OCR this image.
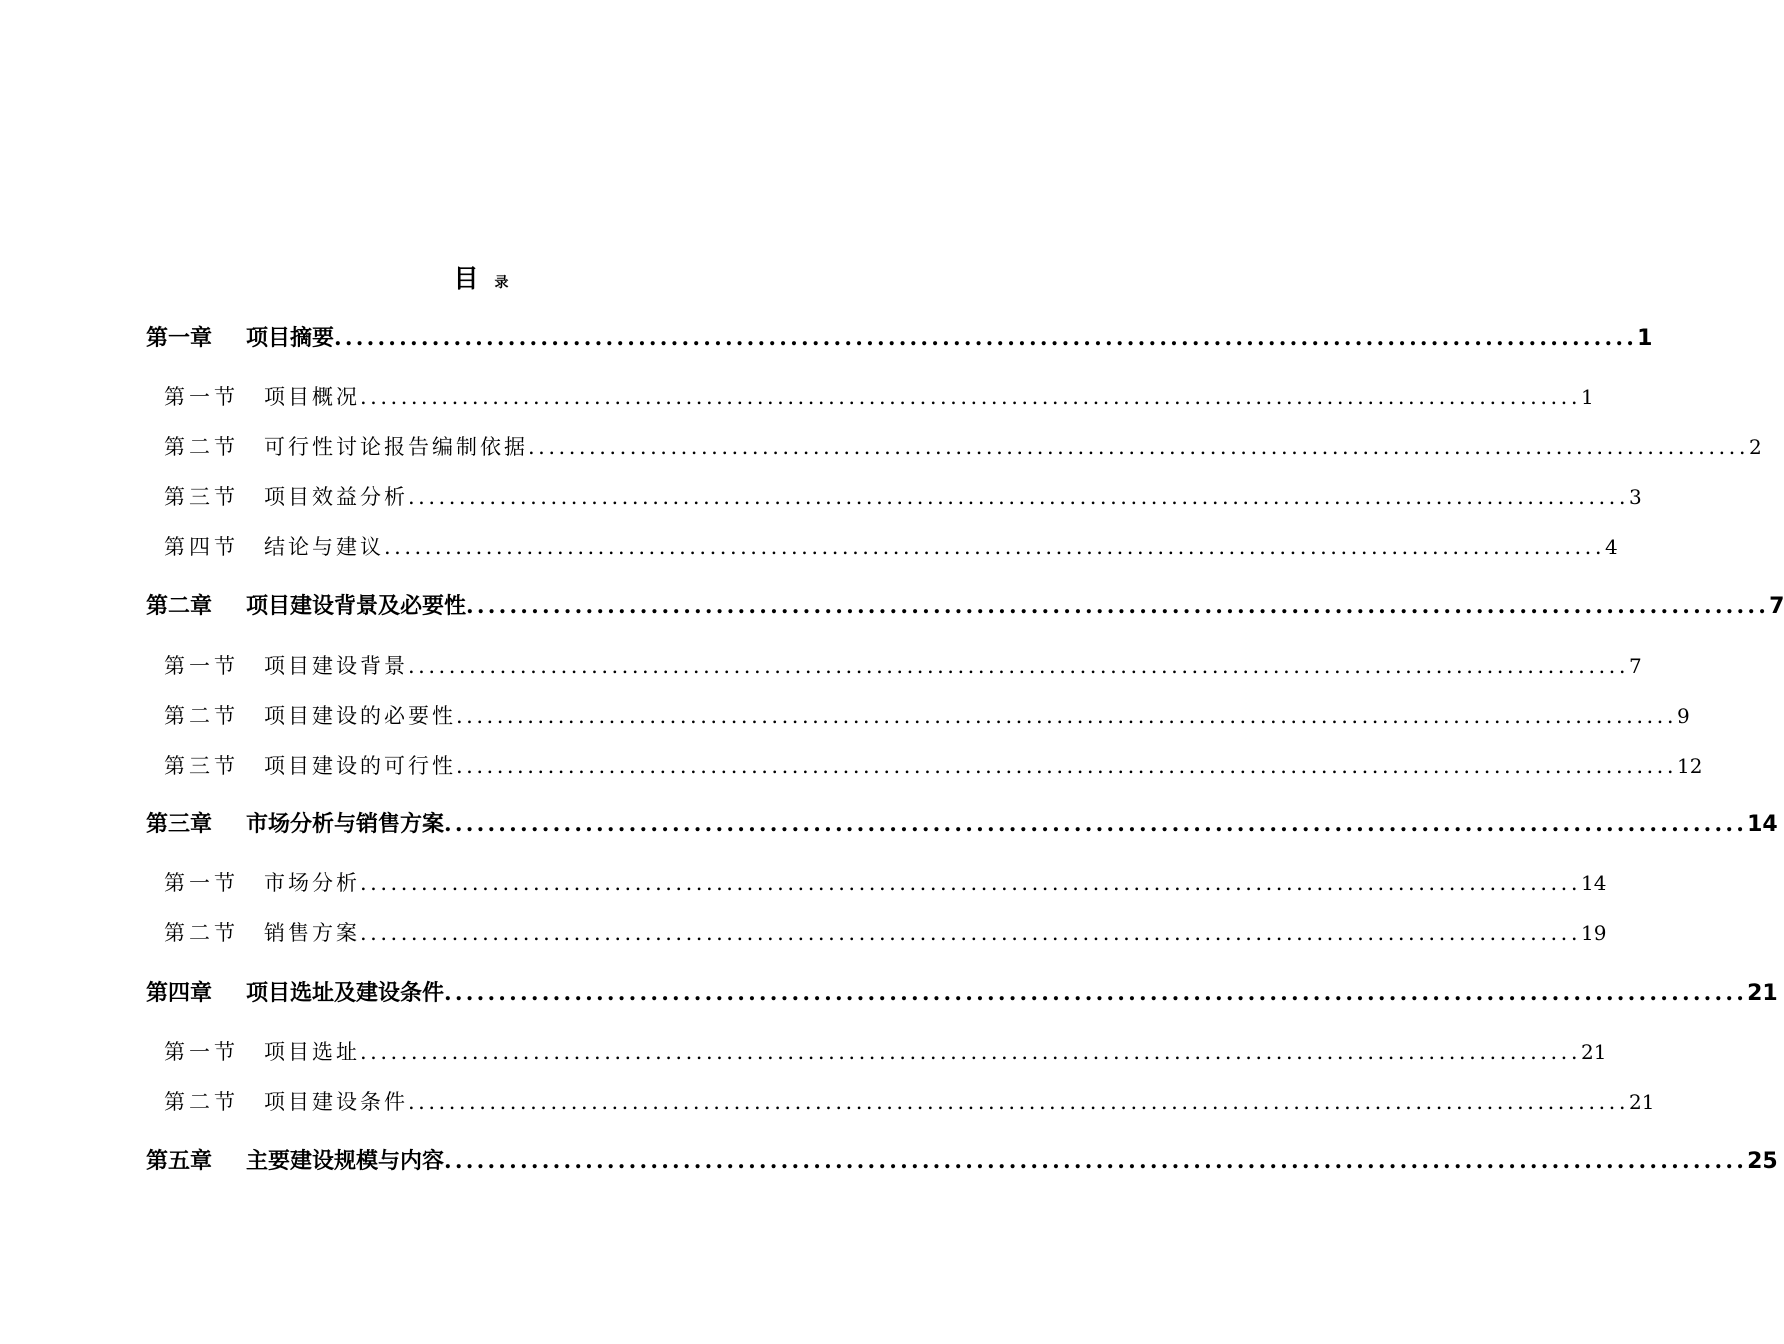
目 录
第一章	项目摘要 ........................................................................................................................ 1
第一节	项目概况 ........................................................................................................................ 1
第二节	可行性讨论报告编制依据 ........................................................................................................................ 2
第三节	项目效益分析 ........................................................................................................................ 3
第四节	结论与建议 ........................................................................................................................ 4
第二章	项目建设背景及必要性 ........................................................................................................................ 7
第一节	项目建设背景 ........................................................................................................................ 7
第二节	项目建设的必要性 ........................................................................................................................ 9
第三节	项目建设的可行性 ........................................................................................................................ 12
第三章	市场分析与销售方案 ........................................................................................................................ 14
第一节	市场分析 ........................................................................................................................ 14
第二节	销售方案 ........................................................................................................................ 19
第四章	项目选址及建设条件 ........................................................................................................................ 21
第一节	项目选址 ........................................................................................................................ 21
第二节	项目建设条件 ........................................................................................................................ 21
第五章	主要建设规模与内容 ........................................................................................................................ 25
